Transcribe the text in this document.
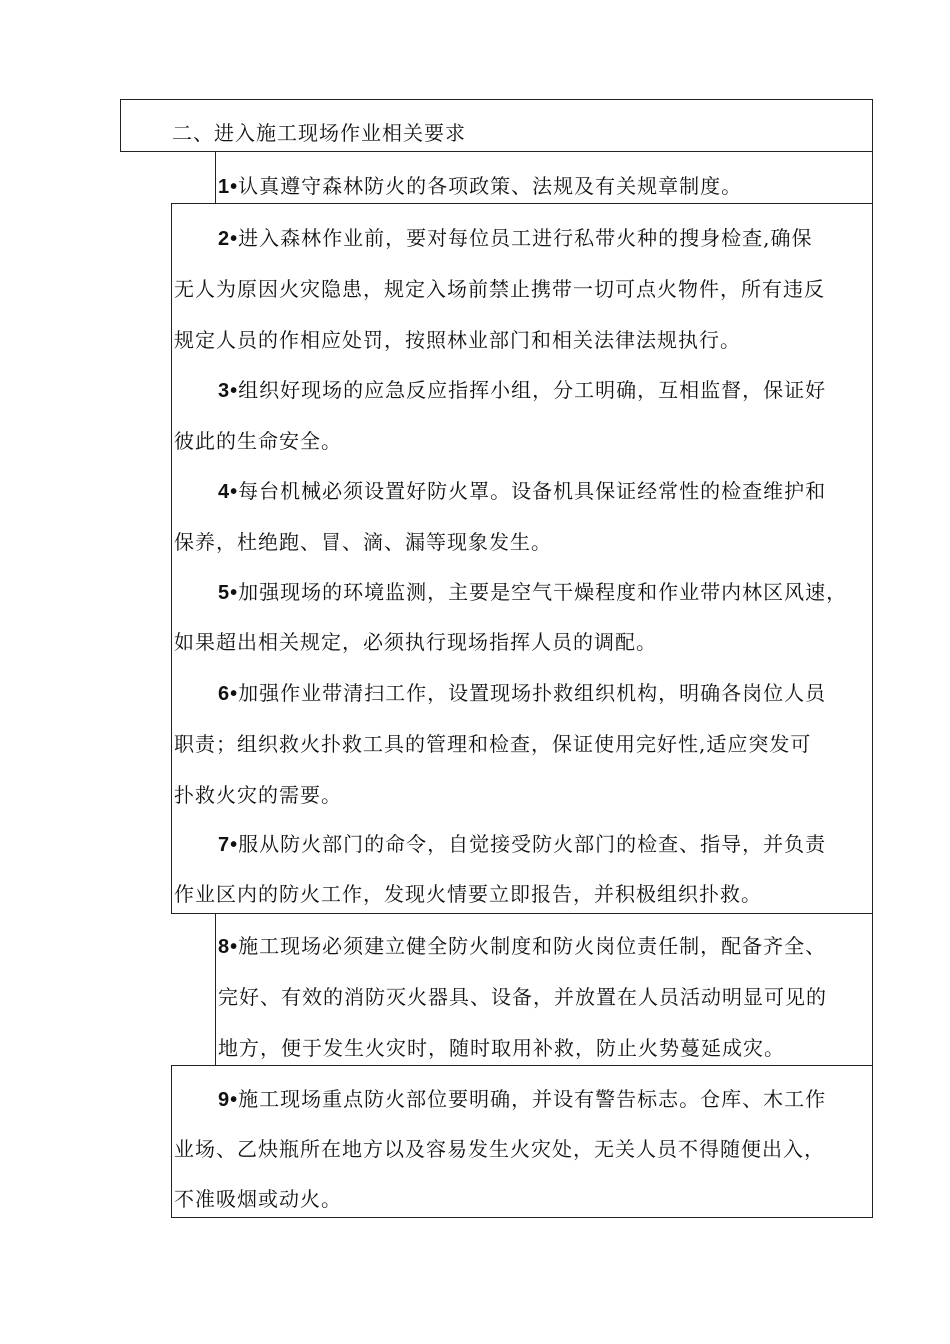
二、进入施工现场作业相关要求
1•认真遵守森林防火的各项政策、法规及有关规章制度。
2•进入森林作业前，要对每位员工进行私带火种的搜身检查,确保
无人为原因火灾隐患，规定入场前禁止携带一切可点火物件，所有违反
规定人员的作相应处罚，按照林业部门和相关法律法规执行。
3•组织好现场的应急反应指挥小组，分工明确，互相监督，保证好
彼此的生命安全。
4•每台机械必须设置好防火罩。设备机具保证经常性的检查维护和
保养，杜绝跑、冒、滴、漏等现象发生。
5•加强现场的环境监测，主要是空气干燥程度和作业带内林区风速，
如果超出相关规定，必须执行现场指挥人员的调配。
6•加强作业带清扫工作，设置现场扑救组织机构，明确各岗位人员
职责；组织救火扑救工具的管理和检查，保证使用完好性,适应突发可
扑救火灾的需要。
7•服从防火部门的命令，自觉接受防火部门的检查、指导，并负责
作业区内的防火工作，发现火情要立即报告，并积极组织扑救。
8•施工现场必须建立健全防火制度和防火岗位责任制，配备齐全、
完好、有效的消防灭火器具、设备，并放置在人员活动明显可见的
地方，便于发生火灾时，随时取用补救，防止火势蔓延成灾。
9•施工现场重点防火部位要明确，并设有警告标志。仓库、木工作
业场、乙炔瓶所在地方以及容易发生火灾处，无关人员不得随便出入，
不准吸烟或动火。
